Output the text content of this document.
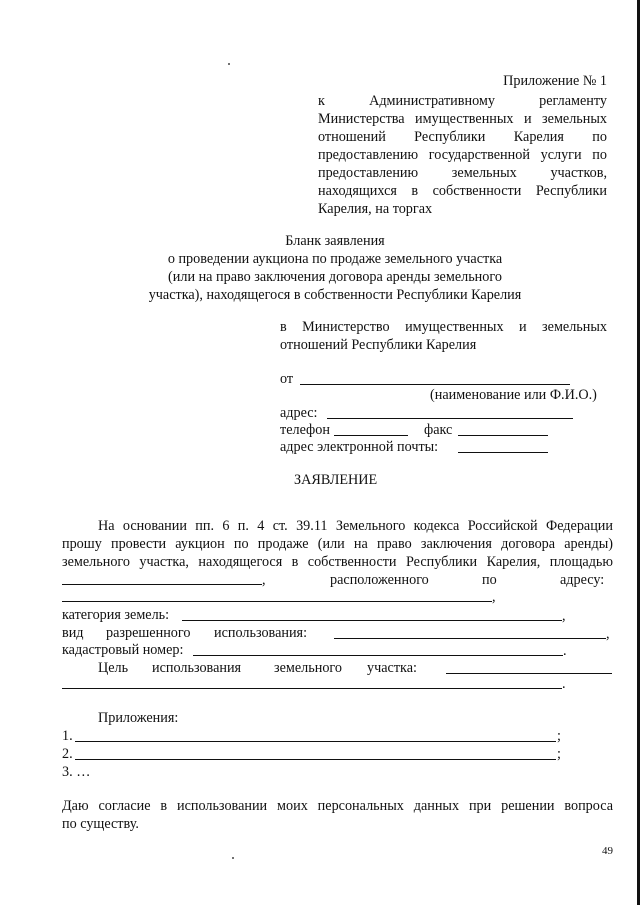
Приложение № 1
к Административному регламенту
Министерства имущественных и земельных
отношений Республики Карелия по
предоставлению государственной услуги по
предоставлению земельных участков,
находящихся в собственности Республики
Карелия, на торгах
Бланк заявления
о проведении аукциона по продаже земельного участка
(или на право заключения договора аренды земельного
участка), находящегося в собственности Республики Карелия
в Министерство имущественных и земельных
отношений Республики Карелия
от
(наименование или Ф.И.О.)
адрес:
телефон	факс
адрес электронной почты:
ЗАЯВЛЕНИЕ
На основании пп. 6 п. 4 ст. 39.11 Земельного кодекса Российской Федерации
прошу провести аукцион по продаже (или на право заключения договора аренды)
земельного участка, находящегося в собственности Республики Карелия, площадью
,	расположенного	по	адресу:
,
категория земель:	,
вид разрешенного использования:	,
кадастровый номер:	.
Цель использования земельного участка:
.
Приложения:
1.	;
2.	;
3. …
Даю согласие в использовании моих персональных данных при решении вопроса
по существу.
49
